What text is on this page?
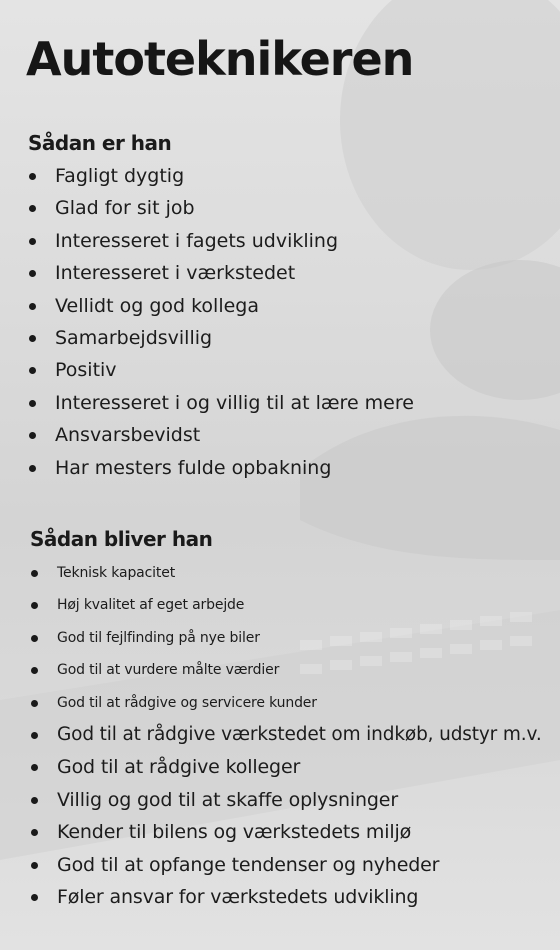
Autoteknikeren
Sådan er han
Fagligt dygtig
Glad for sit job
Interesseret i fagets udvikling
Interesseret i værkstedet
Vellidt og god kollega
Samarbejdsvillig
Positiv
Interesseret i og villig til at lære mere
Ansvarsbevidst
Har mesters fulde opbakning
Sådan bliver han
Teknisk kapacitet
Høj kvalitet af eget arbejde
God til fejlfinding på nye biler
God til at vurdere målte værdier
God til at rådgive og servicere kunder
God til at rådgive værkstedet om indkøb, udstyr m.v.
God til at rådgive kolleger
Villig og god til at skaffe oplysninger
Kender til bilens og værkstedets miljø
God til at opfange tendenser og nyheder
Føler ansvar for værkstedets udvikling
